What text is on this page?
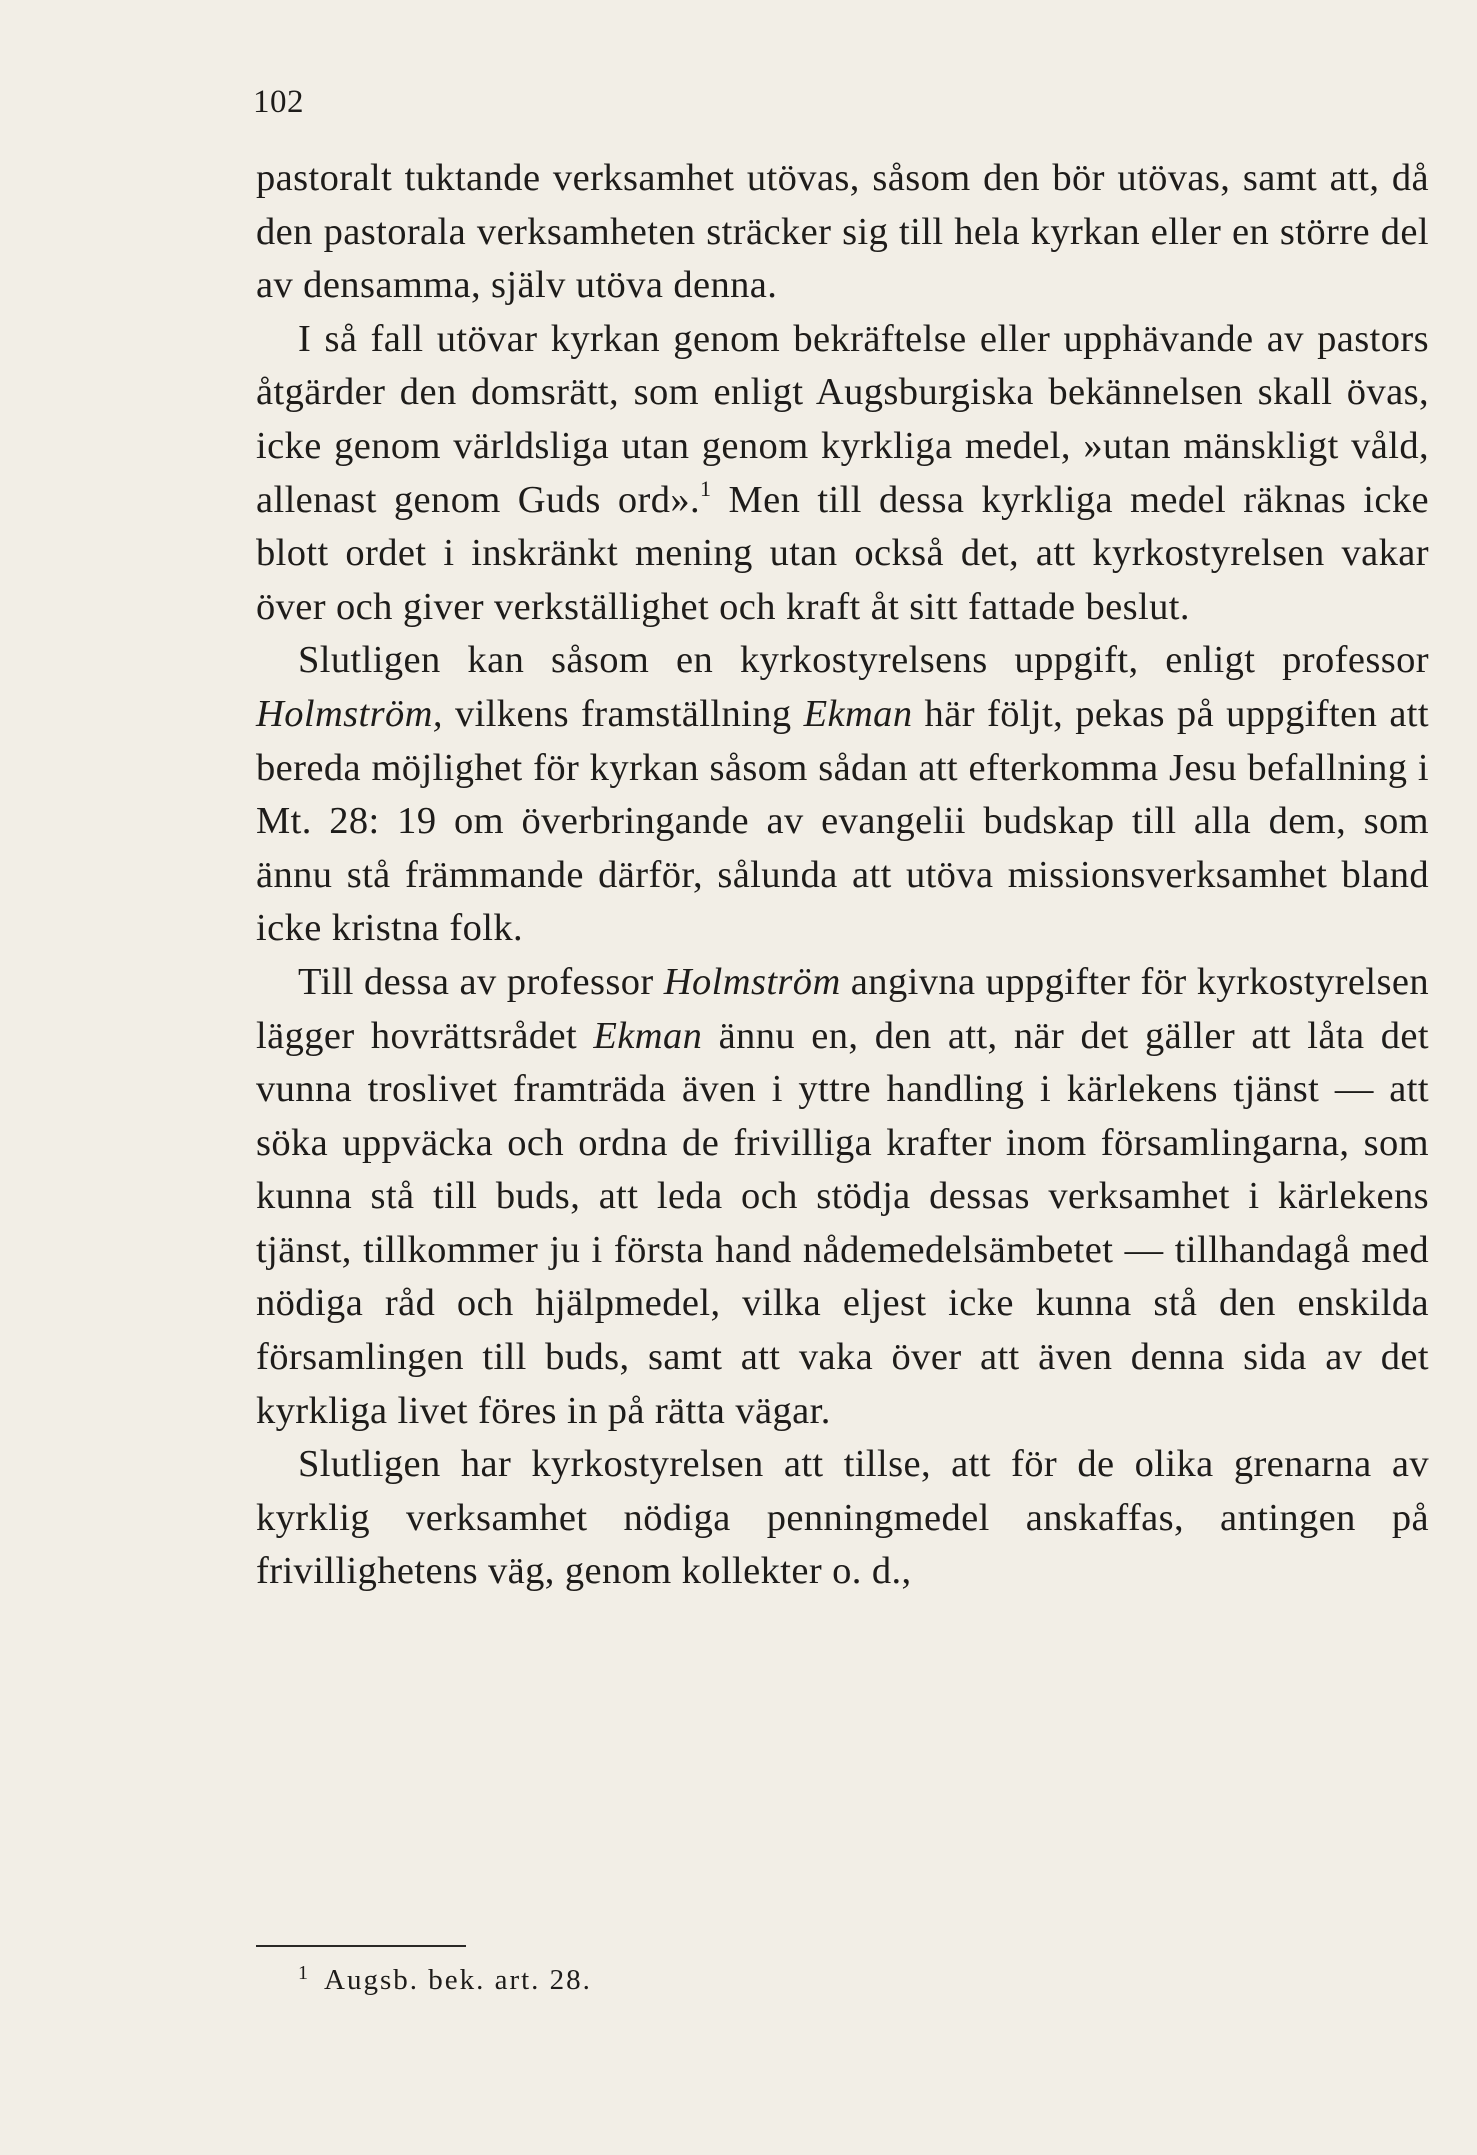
102

pastoralt tuktande verksamhet utövas, såsom den bör utövas, samt att, då den pastorala verksamheten sträcker sig till hela kyrkan eller en större del av densamma, själv utöva denna.

I så fall utövar kyrkan genom bekräftelse eller upphävande av pastors åtgärder den domsrätt, som enligt Augsburgiska bekännelsen skall övas, icke genom världsliga utan genom kyrkliga medel, »utan mänskligt våld, allenast genom Guds ord».$^1$ Men till dessa kyrkliga medel räknas icke blott ordet i inskränkt mening utan också det, att kyrkostyrelsen vakar över och giver verkställighet och kraft åt sitt fattade beslut.

Slutligen kan såsom en kyrkostyrelsens uppgift, enligt professor Holmström, vilkens framställning Ekman här följt, pekas på uppgiften att bereda möjlighet för kyrkan såsom sådan att efterkomma Jesu befallning i Mt. 28: 19 om överbringande av evangelii budskap till alla dem, som ännu stå främmande därför, sålunda att utöva missionsverksamhet bland icke kristna folk.

Till dessa av professor Holmström angivna uppgifter för kyrkostyrelsen lägger hovrättsrådet Ekman ännu en, den att, när det gäller att låta det vunna troslivet framträda även i yttre handling i kärlekens tjänst — att söka uppväcka och ordna de frivilliga krafter inom församlingarna, som kunna stå till buds, att leda och stödja dessas verksamhet i kärlekens tjänst, tillkommer ju i första hand nådemedelsämbetet — tillhandagå med nödiga råd och hjälpmedel, vilka eljest icke kunna stå den enskilda församlingen till buds, samt att vaka över att även denna sida av det kyrkliga livet föres in på rätta vägar.

Slutligen har kyrkostyrelsen att tillse, att för de olika grenarna av kyrklig verksamhet nödiga penningmedel anskaffas, antingen på frivillighetens väg, genom kollekter o. d.,

$^1$ Augsb. bek. art. 28.
